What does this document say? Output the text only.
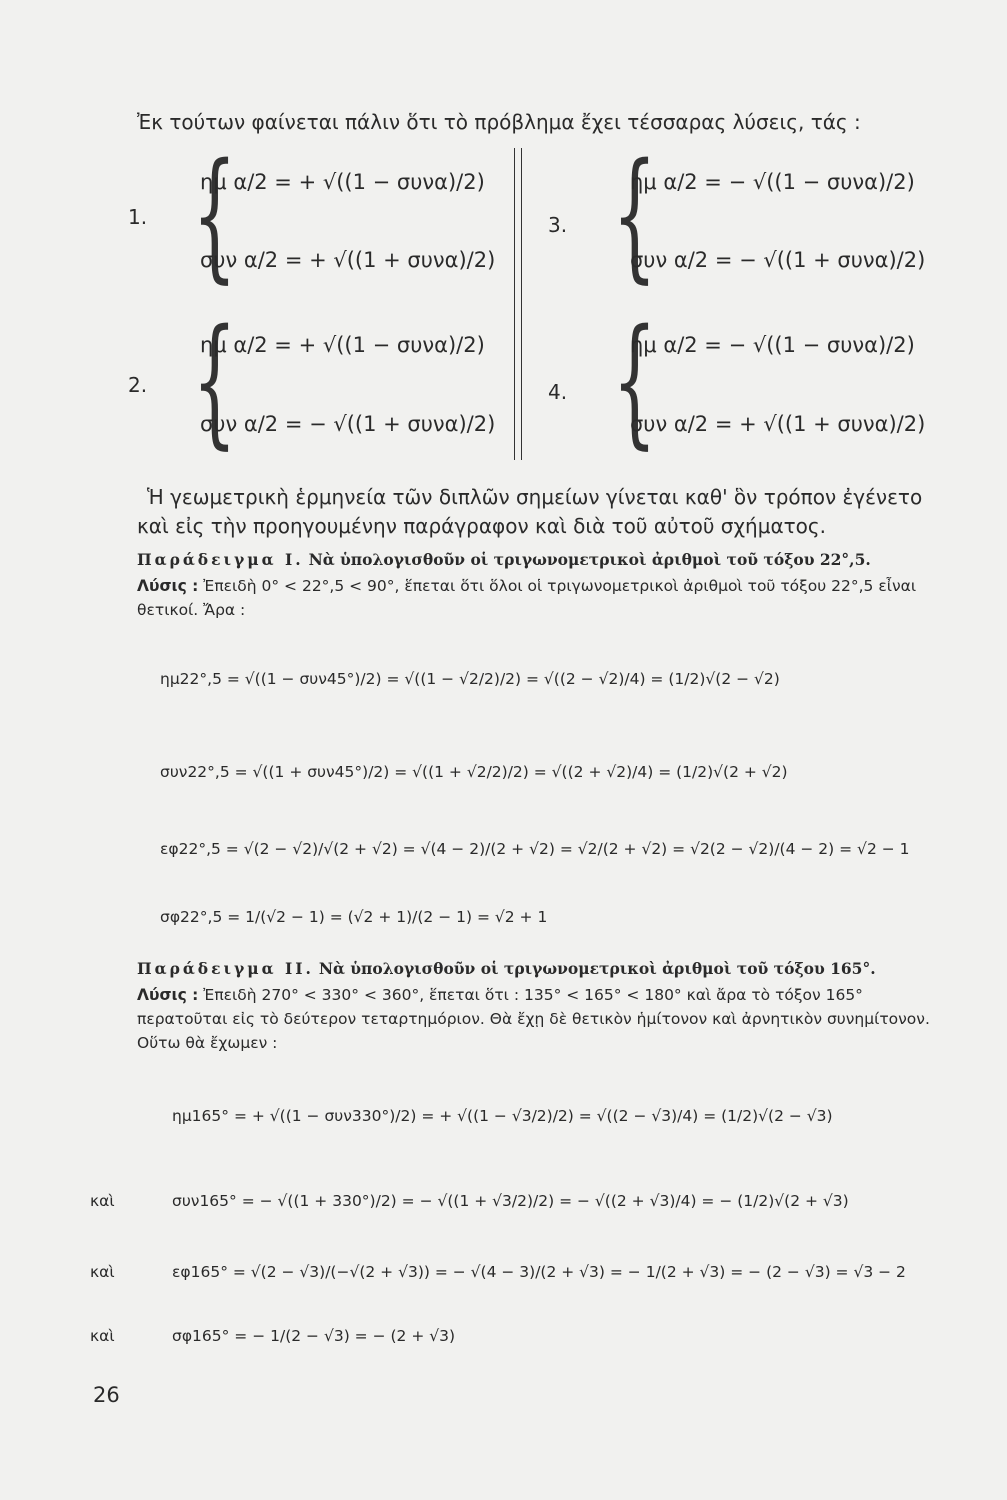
Ἐκ τούτων φαίνεται πάλιν ὅτι τὸ πρόβλημα ἔχει τέσσαρας λύσεις, τάς :
1. {
ημ α/2 = + √((1 − συνα)/2)
συν α/2 = + √((1 + συνα)/2)
2. {
ημ α/2 = + √((1 − συνα)/2)
συν α/2 = − √((1 + συνα)/2)
3. {
ημ α/2 = − √((1 − συνα)/2)
συν α/2 = − √((1 + συνα)/2)
4. {
ημ α/2 = − √((1 − συνα)/2)
συν α/2 = + √((1 + συνα)/2)
Ἡ γεωμετρικὴ ἑρμηνεία τῶν διπλῶν σημείων γίνεται καθ' ὃν τρόπον ἐγένετο καὶ εἰς τὴν προηγουμένην παράγραφον καὶ διὰ τοῦ αὐτοῦ σχήματος.
Παράδειγμα I. Νὰ ὑπολογισθοῦν οἱ τριγωνομετρικοὶ ἀριθμοὶ τοῦ τόξου 22°,5.
Λύσις : Ἐπειδὴ 0° < 22°,5 < 90°, ἕπεται ὅτι ὅλοι οἱ τριγωνομετρικοὶ ἀριθμοὶ τοῦ τόξου 22°,5 εἶναι θετικοί. Ἄρα :
ημ22°,5 = √((1 − συν45°)/2) = √((1 − √2/2)/2) = √((2 − √2)/4) = (1/2)√(2 − √2)
συν22°,5 = √((1 + συν45°)/2) = √((1 + √2/2)/2) = √((2 + √2)/4) = (1/2)√(2 + √2)
εφ22°,5 = √(2 − √2)/√(2 + √2) = √(4 − 2)/(2 + √2) = √2/(2 + √2) = √2(2 − √2)/(4 − 2) = √2 − 1
σφ22°,5 = 1/(√2 − 1) = (√2 + 1)/(2 − 1) = √2 + 1
Παράδειγμα II. Νὰ ὑπολογισθοῦν οἱ τριγωνομετρικοὶ ἀριθμοὶ τοῦ τόξου 165°.
Λύσις : Ἐπειδὴ 270° < 330° < 360°, ἕπεται ὅτι : 135° < 165° < 180° καὶ ἄρα τὸ τόξον 165° περατοῦται εἰς τὸ δεύτερον τεταρτημόριον. Θὰ ἔχῃ δὲ θετικὸν ἡμίτονον καὶ ἀρνητικὸν συνημίτονον. Οὕτω θὰ ἔχωμεν :
ημ165° = + √((1 − συν330°)/2) = + √((1 − √3/2)/2) = √((2 − √3)/4) = (1/2)√(2 − √3)
καὶ	συν165° = − √((1 + 330°)/2) = − √((1 + √3/2)/2) = − √((2 + √3)/4) = − (1/2)√(2 + √3)
καὶ	εφ165° = √(2 − √3)/(−√(2 + √3)) = − √(4 − 3)/(2 + √3) = − 1/(2 + √3) = − (2 − √3) = √3 − 2
καὶ	σφ165° = − 1/(2 − √3) = − (2 + √3)
26
